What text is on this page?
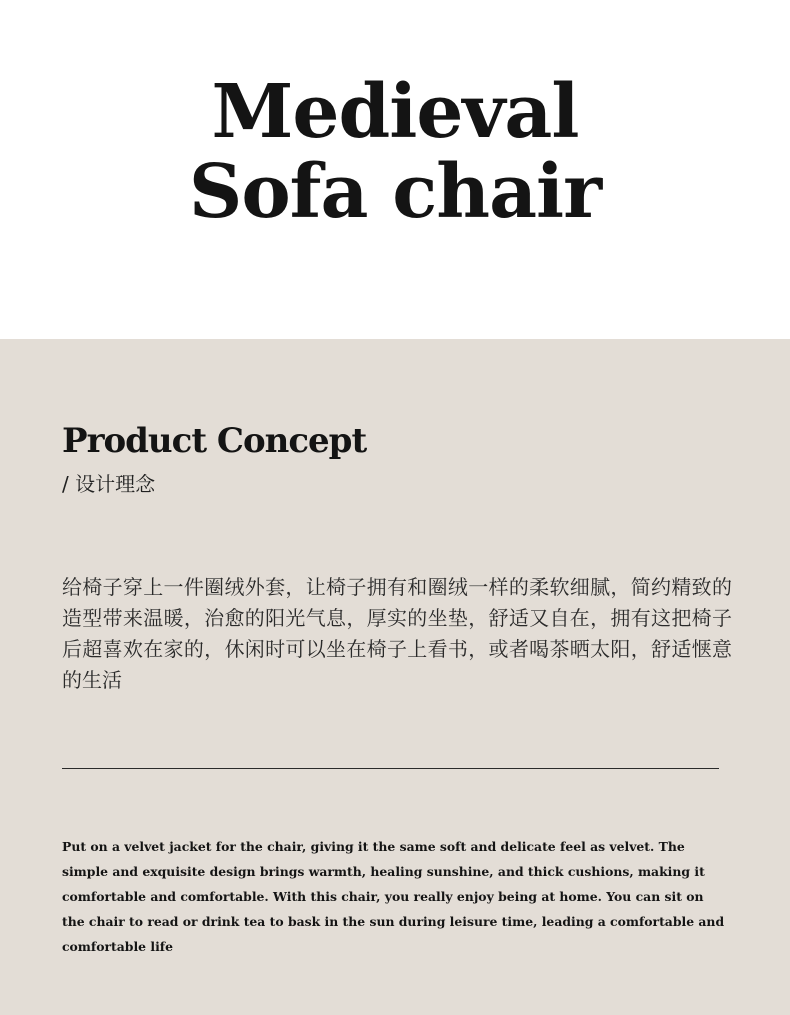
Medieval
Sofa chair
Product Concept
/ 设计理念

给椅子穿上一件圈绒外套，让椅子拥有和圈绒一样的柔软细腻，简约精致的造型带来温暖，治愈的阳光气息，厚实的坐垫，舒适又自在，拥有这把椅子后超喜欢在家的，休闲时可以坐在椅子上看书，或者喝茶晒太阳，舒适惬意的生活

Put on a velvet jacket for the chair, giving it the same soft and delicate feel as velvet. The simple and exquisite design brings warmth, healing sunshine, and thick cushions, making it comfortable and comfortable. With this chair, you really enjoy being at home. You can sit on the chair to read or drink tea to bask in the sun during leisure time, leading a comfortable and comfortable life
